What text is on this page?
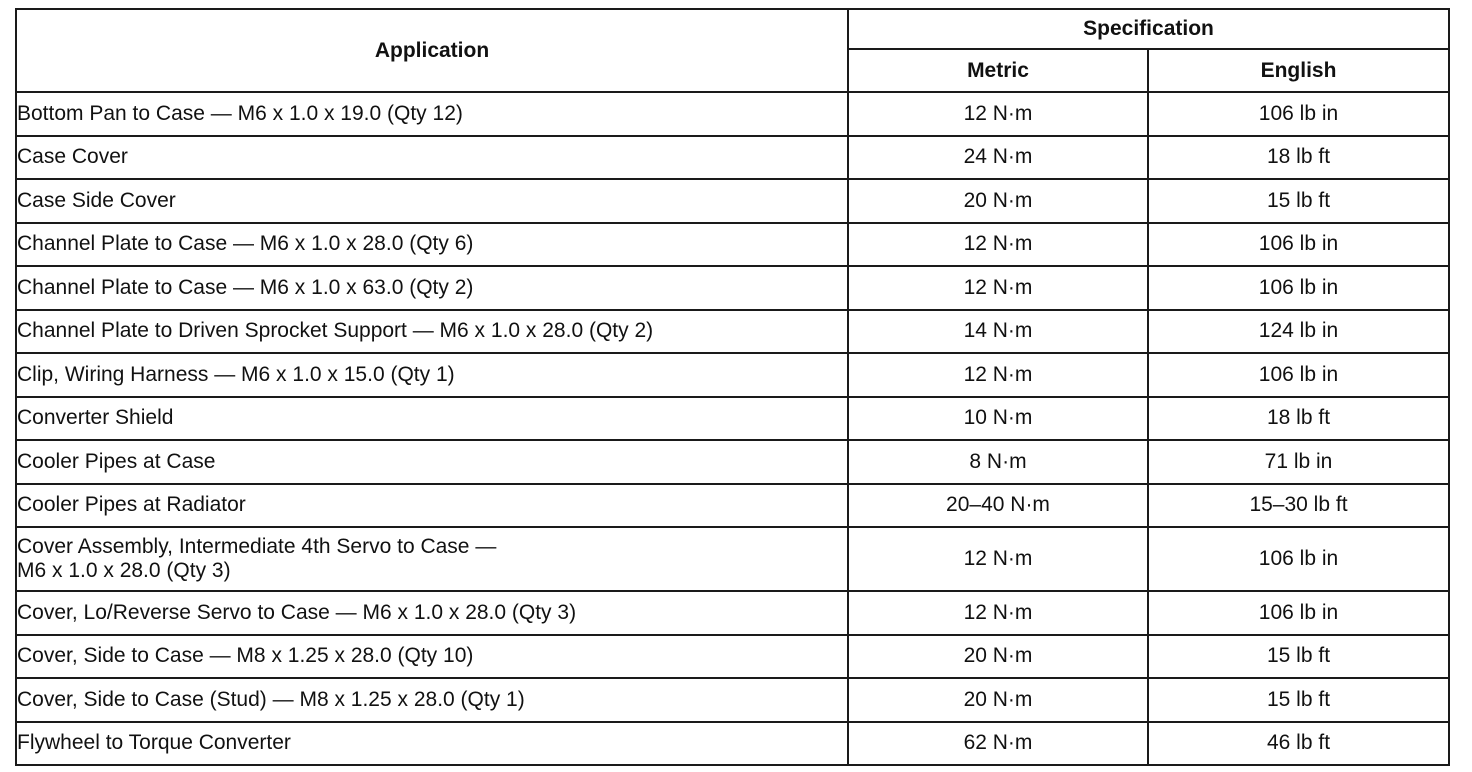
Application	Specification	
	Metric	English
Bottom Pan to Case — M6 x 1.0 x 19.0 (Qty 12)	12 N·m	106 lb in
Case Cover	24 N·m	18 lb ft
Case Side Cover	20 N·m	15 lb ft
Channel Plate to Case — M6 x 1.0 x 28.0 (Qty 6)	12 N·m	106 lb in
Channel Plate to Case — M6 x 1.0 x 63.0 (Qty 2)	12 N·m	106 lb in
Channel Plate to Driven Sprocket Support — M6 x 1.0 x 28.0 (Qty 2)	14 N·m	124 lb in
Clip, Wiring Harness — M6 x 1.0 x 15.0 (Qty 1)	12 N·m	106 lb in
Converter Shield	10 N·m	18 lb ft
Cooler Pipes at Case	8 N·m	71 lb in
Cooler Pipes at Radiator	20–40 N·m	15–30 lb ft

Cover Assembly, Intermediate 4th Servo to Case —
M6 x 1.0 x 28.0 (Qty 3)	12 N·m	106 lb in
Cover, Lo/Reverse Servo to Case — M6 x 1.0 x 28.0 (Qty 3)	12 N·m	106 lb in
Cover, Side to Case — M8 x 1.25 x 28.0 (Qty 10)	20 N·m	15 lb ft
Cover, Side to Case (Stud) — M8 x 1.25 x 28.0 (Qty 1)	20 N·m	15 lb ft
Flywheel to Torque Converter	62 N·m	46 lb ft
